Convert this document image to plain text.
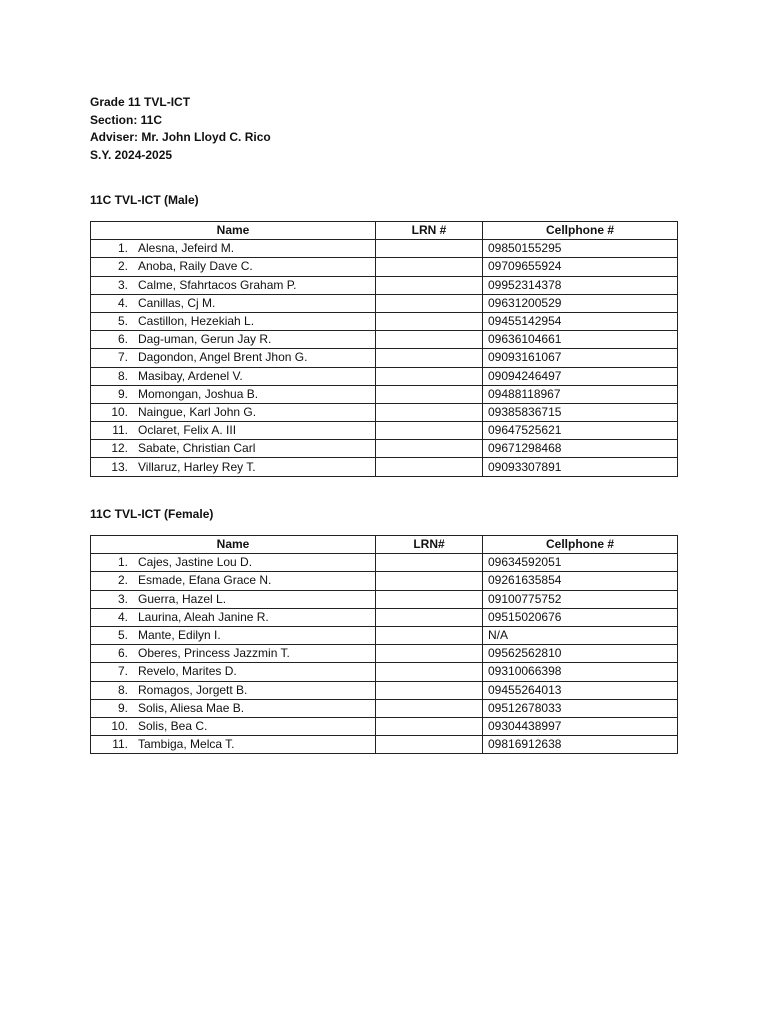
Grade 11 TVL-ICT
Section: 11C
Adviser: Mr. John Lloyd C. Rico
S.Y. 2024-2025
11C TVL-ICT (Male)
Name	LRN #	Cellphone #
1. Alesna, Jefeird M.		09850155295
2. Anoba, Raily Dave C.		09709655924
3. Calme, Sfahrtacos Graham P.		09952314378
4. Canillas, Cj M.		09631200529
5. Castillon, Hezekiah L.		09455142954
6. Dag-uman, Gerun Jay R.		09636104661
7. Dagondon, Angel Brent Jhon G.		09093161067
8. Masibay, Ardenel V.		09094246497
9. Momongan, Joshua B.		09488118967
10. Naingue, Karl John G.		09385836715
11. Oclaret, Felix A. III		09647525621
12. Sabate, Christian Carl		09671298468
13. Villaruz, Harley Rey T.		09093307891
11C TVL-ICT (Female)
Name	LRN#	Cellphone #
1. Cajes, Jastine Lou D.		09634592051
2. Esmade, Efana Grace N.		09261635854
3. Guerra, Hazel L.		09100775752
4. Laurina, Aleah Janine R.		09515020676
5. Mante, Edilyn I.		N/A
6. Oberes, Princess Jazzmin T.		09562562810
7. Revelo, Marites D.		09310066398
8. Romagos, Jorgett B.		09455264013
9. Solis, Aliesa Mae B.		09512678033
10. Solis, Bea C.		09304438997
11. Tambiga, Melca T.		09816912638
